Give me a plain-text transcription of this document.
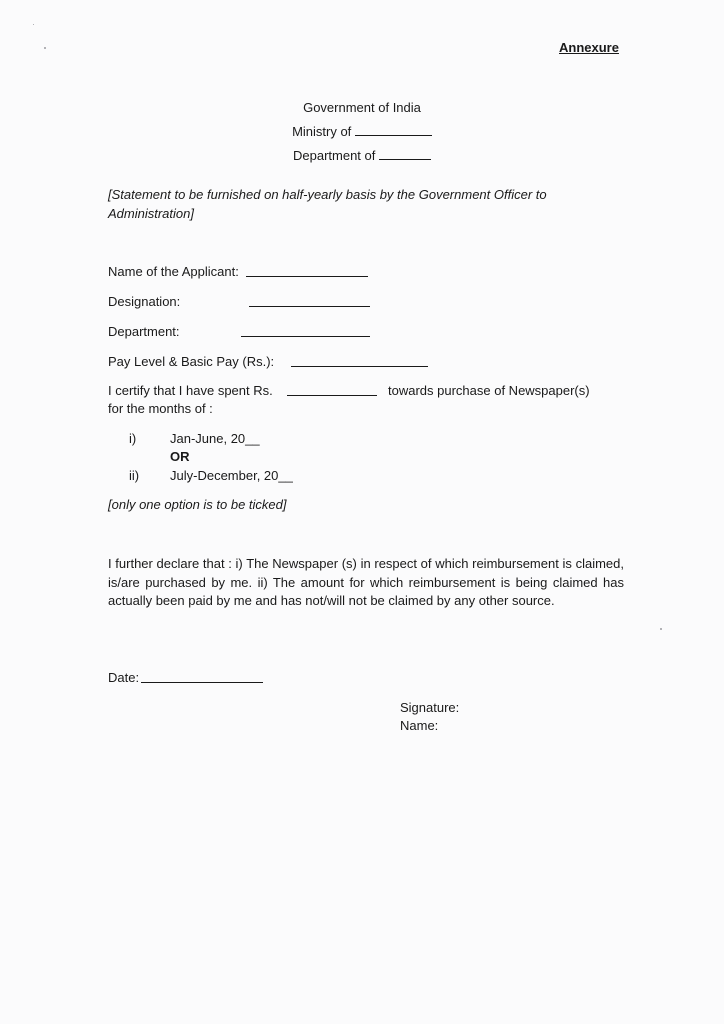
Annexure
Government of India
Ministry of
Department of
[Statement to be furnished on half-yearly basis by the Government Officer to
Administration]
Name of the Applicant:
Designation:
Department:
Pay Level & Basic Pay (Rs.):
I certify that I have spent Rs.	towards purchase of Newspaper(s)
for the months of :
i)	Jan-June, 20__
OR
ii) July-December, 20__
[only one option is to be ticked]
I further declare that : i) The Newspaper (s) in respect of which reimbursement is claimed, is/are purchased by me. ii) The amount for which reimbursement is being claimed has actually been paid by me and has not/will not be claimed by any other source.
Date:
Signature:
Name:
